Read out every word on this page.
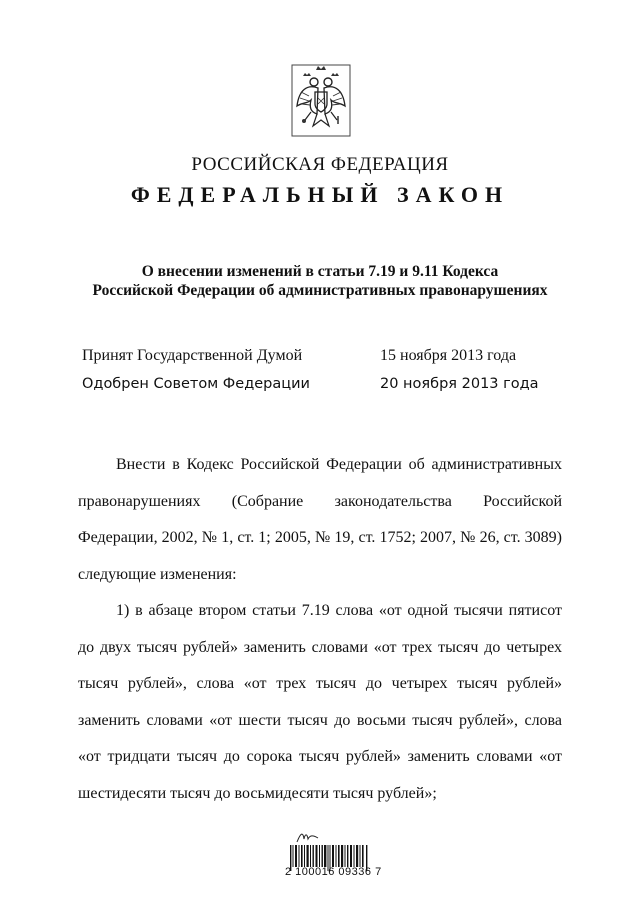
РОССИЙСКАЯ ФЕДЕРАЦИЯ
ФЕДЕРАЛЬНЫЙ ЗАКОН
О внесении изменений в статьи 7.19 и 9.11 Кодекса
Российской Федерации об административных правонарушениях
Принят Государственной Думой	15 ноября 2013 года
Одобрен Советом Федерации	20 ноября 2013 года

Внести в Кодекс Российской Федерации об административных правонарушениях (Собрание законодательства Российской Федерации, 2002, № 1, ст. 1; 2005, № 19, ст. 1752; 2007, № 26, ст. 3089) следующие изменения:

1) в абзаце втором статьи 7.19 слова «от одной тысячи пятисот до двух тысяч рублей» заменить словами «от трех тысяч до четырех тысяч рублей», слова «от трех тысяч до четырех тысяч рублей» заменить словами «от шести тысяч до восьми тысяч рублей», слова «от тридцати тысяч до сорока тысяч рублей» заменить словами «от шестидесяти тысяч до восьмидесяти тысяч рублей»;

2 100016 09336 7
